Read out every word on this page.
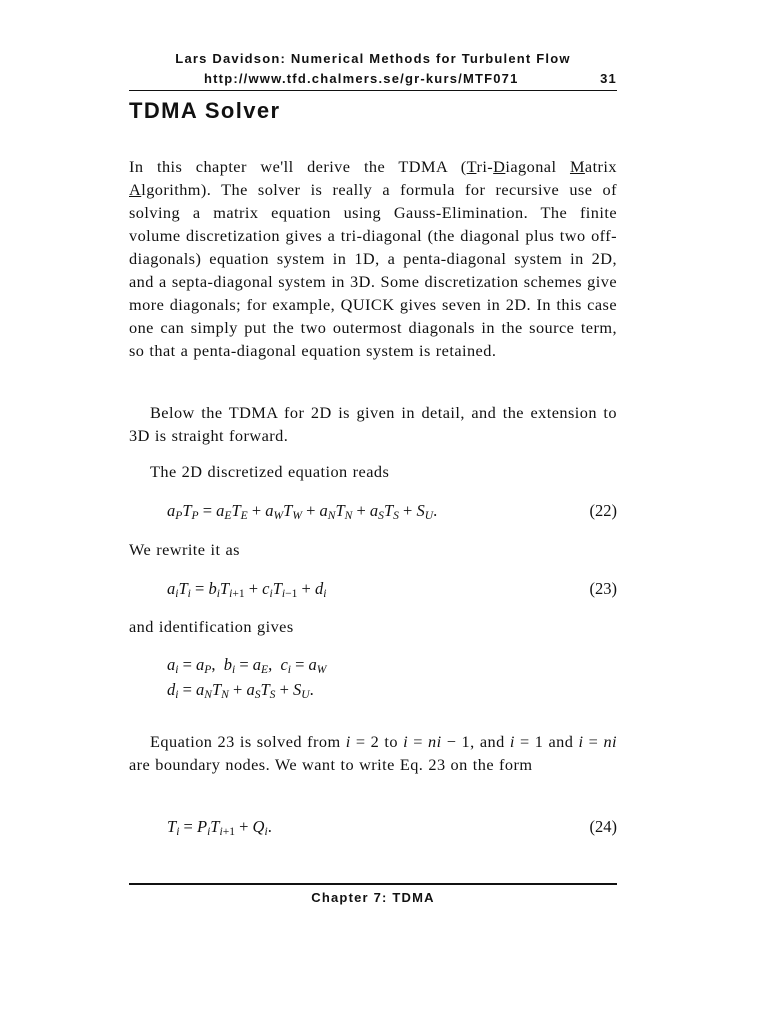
Lars Davidson: Numerical Methods for Turbulent Flow
http://www.tfd.chalmers.se/gr-kurs/MTF071	31
TDMA Solver

In this chapter we'll derive the TDMA (Tri-Diagonal Matrix Algorithm). The solver is really a formula for recursive use of solving a matrix equation using Gauss-Elimination. The finite volume discretization gives a tri-diagonal (the diagonal plus two off-diagonals) equation system in 1D, a penta-diagonal system in 2D, and a septa-diagonal system in 3D. Some discretization schemes give more diagonals; for example, QUICK gives seven in 2D. In this case one can simply put the two outermost diagonals in the source term, so that a penta-diagonal equation system is retained.

Below the TDMA for 2D is given in detail, and the extension to 3D is straight forward.

The 2D discretized equation reads

$a_PT_P = a_ET_E + a_WT_W + a_NT_N + a_ST_S + S_U$.	(22)

We rewrite it as

$a_iT_i = b_iT_{i+1} + c_iT_{i-1} + d_i$	(23)

and identification gives

$a_i = a_P$,  $b_i = a_E$,  $c_i = a_W$
$d_i = a_NT_N + a_ST_S + S_U$.

Equation 23 is solved from i = 2 to i = ni − 1, and i = 1 and i = ni are boundary nodes. We want to write Eq. 23 on the form

$T_i = P_iT_{i+1} + Q_i$.	(24)
Chapter 7: TDMA
